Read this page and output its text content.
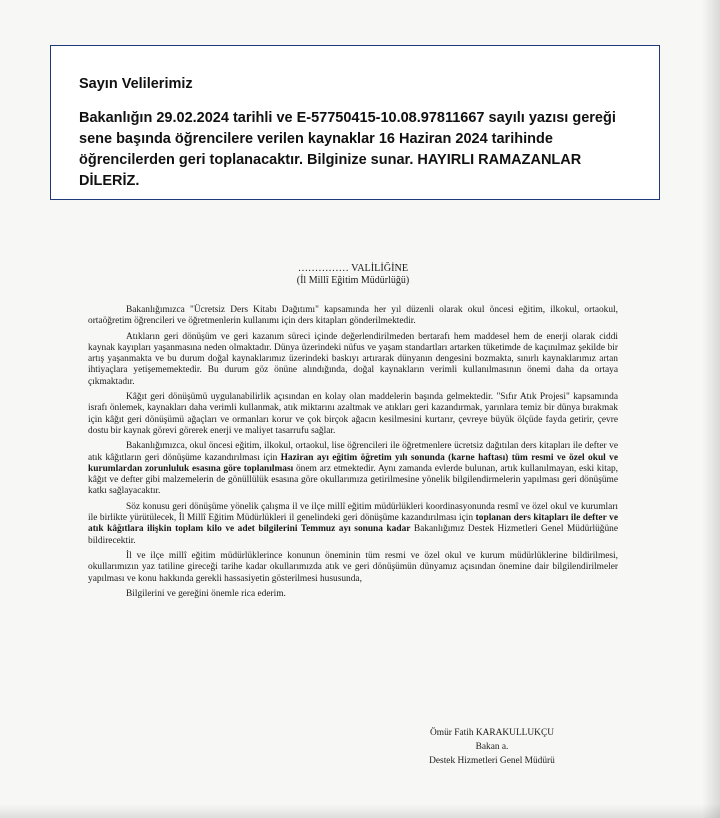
Sayın Velilerimiz
Bakanlığın 29.02.2024 tarihli ve E-57750415-10.08.97811667 sayılı yazısı gereği sene başında öğrencilere verilen kaynaklar 16 Haziran 2024 tarihinde öğrencilerden geri toplanacaktır. Bilginize sunar. HAYIRLI RAMAZANLAR DİLERİZ.
…………… VALİLİĞİNE
(İl Millî Eğitim Müdürlüğü)

Bakanlığımızca "Ücretsiz Ders Kitabı Dağıtımı" kapsamında her yıl düzenli olarak okul öncesi eğitim, ilkokul, ortaokul, ortaöğretim öğrencileri ve öğretmenlerin kullanımı için ders kitapları gönderilmektedir.

Atıkların geri dönüşüm ve geri kazanım süreci içinde değerlendirilmeden bertarafı hem maddesel hem de enerji olarak ciddi kaynak kayıpları yaşanmasına neden olmaktadır. Dünya üzerindeki nüfus ve yaşam standartları artarken tüketimde de kaçınılmaz şekilde bir artış yaşanmakta ve bu durum doğal kaynaklarımız üzerindeki baskıyı artırarak dünyanın dengesini bozmakta, sınırlı kaynaklarımız artan ihtiyaçlara yetişememektedir. Bu durum göz önüne alındığında, doğal kaynakların verimli kullanılmasının önemi daha da ortaya çıkmaktadır.

Kâğıt geri dönüşümü uygulanabilirlik açısından en kolay olan maddelerin başında gelmektedir. "Sıfır Atık Projesi" kapsamında israfı önlemek, kaynakları daha verimli kullanmak, atık miktarını azaltmak ve atıkları geri kazandırmak, yarınlara temiz bir dünya bırakmak için kâğıt geri dönüşümü ağaçları ve ormanları korur ve çok birçok ağacın kesilmesini kurtarır, çevreye büyük ölçüde fayda getirir, çevre dostu bir kaynak görevi görerek enerji ve maliyet tasarrufu sağlar.

Bakanlığımızca, okul öncesi eğitim, ilkokul, ortaokul, lise öğrencileri ile öğretmenlere ücretsiz dağıtılan ders kitapları ile defter ve atık kâğıtların geri dönüşüme kazandırılması için Haziran ayı eğitim öğretim yılı sonunda (karne haftası) tüm resmi ve özel okul ve kurumlardan zorunluluk esasına göre toplanılması önem arz etmektedir. Aynı zamanda evlerde bulunan, artık kullanılmayan, eski kitap, kâğıt ve defter gibi malzemelerin de gönüllülük esasına göre okullarımıza getirilmesine yönelik bilgilendirmelerin yapılması geri dönüşüme katkı sağlayacaktır.

Söz konusu geri dönüşüme yönelik çalışma il ve ilçe millî eğitim müdürlükleri koordinasyonunda resmî ve özel okul ve kurumları ile birlikte yürütülecek, İl Millî Eğitim Müdürlükleri il genelindeki geri dönüşüme kazandırılması için toplanan ders kitapları ile defter ve atık kâğıtlara ilişkin toplam kilo ve adet bilgilerini Temmuz ayı sonuna kadar Bakanlığımız Destek Hizmetleri Genel Müdürlüğüne bildirecektir.

İl ve ilçe millî eğitim müdürlüklerince konunun öneminin tüm resmi ve özel okul ve kurum müdürlüklerine bildirilmesi, okullarımızın yaz tatiline gireceği tarihe kadar okullarımızda atık ve geri dönüşümün dünyamız açısından önemine dair bilgilendirilmeler yapılması ve konu hakkında gerekli hassasiyetin gösterilmesi hususunda,

Bilgilerini ve gereğini önemle rica ederim.

Ömür Fatih KARAKULLUKÇU
Bakan a.
Destek Hizmetleri Genel Müdürü
